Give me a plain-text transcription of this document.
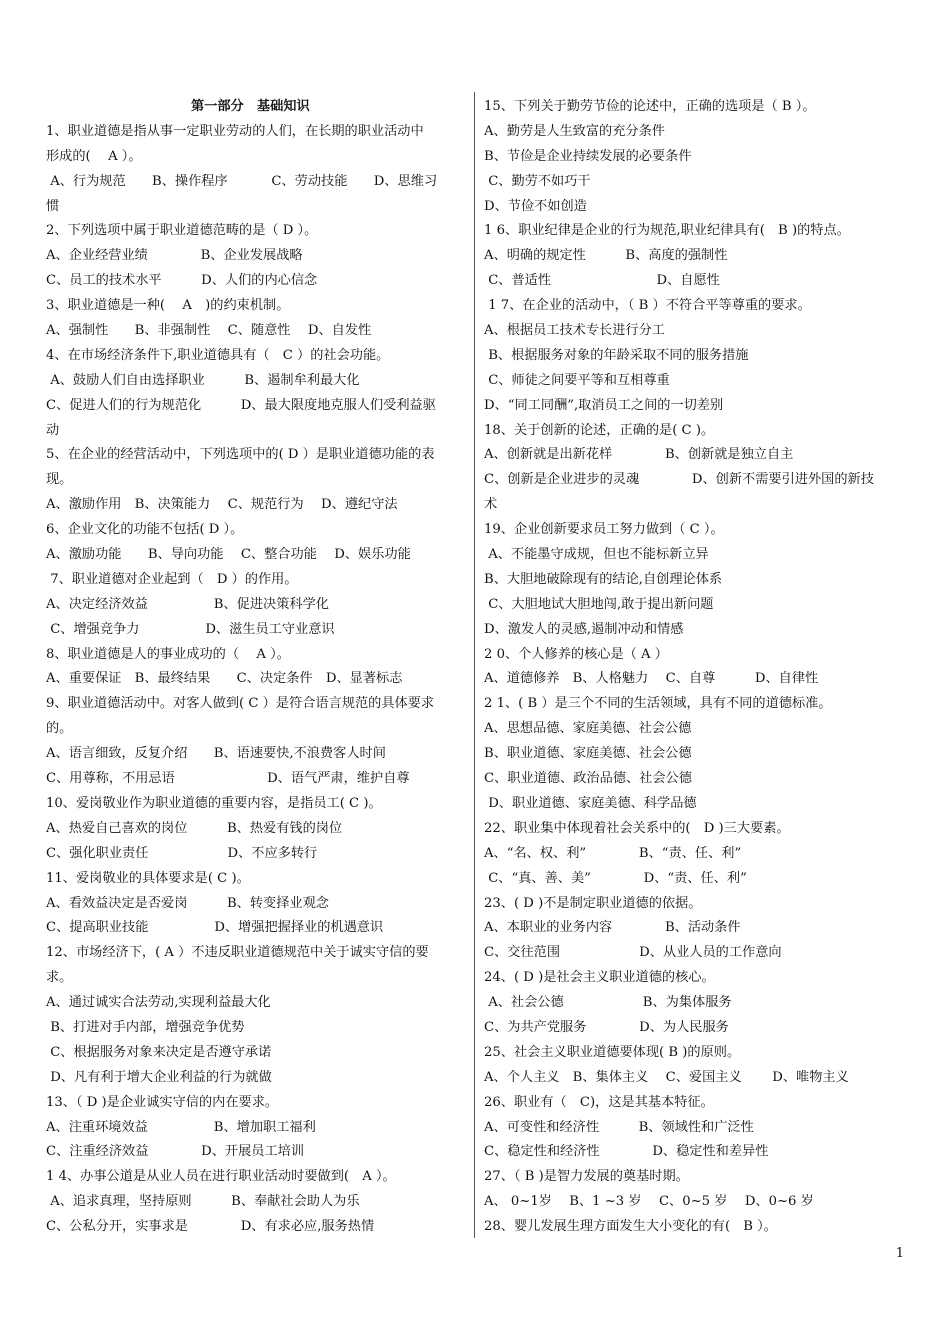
第一部分　基础知识
1、职业道德是指从事一定职业劳动的人们，在长期的职业活动中
形成的(　 A ）。
A、行为规范　　B、操作程序　　　 C、劳动技能　　D、思维习
惯
2、下列选项中属于职业道德范畴的是（ D ）。
A、企业经营业绩　　　　B、企业发展战略
C、员工的技术水平　　　D、人们的内心信念
3、职业道德是一种(　 A　)的约束机制。
A、强制性　　B、非强制性　 C、随意性　 D、自发性
4、在市场经济条件下,职业道德具有（　C ）的社会功能。
A、鼓励人们自由选择职业　　　B、遏制牟利最大化
C、促进人们的行为规范化　　　D、最大限度地克服人们受利益驱
动
5、在企业的经营活动中，下列选项中的( D ）是职业道德功能的表
现。
A、激励作用　B、决策能力　 C、规范行为　 D、遵纪守法
6、企业文化的功能不包括( D ）。
A、激励功能　　B、导向功能　 C、整合功能　 D、娱乐功能
7、职业道德对企业起到（　D ）的作用。
A、决定经济效益　　　　　B、促进决策科学化
C、增强竞争力　　　　　D、滋生员工守业意识
8、职业道德是人的事业成功的（　 A ）。
A、重要保证　B、最终结果　　C、决定条件　D、显著标志
9、职业道德活动中。对客人做到( C ）是符合语言规范的具体要求
的。
A、语言细致，反复介绍　　B、语速要快,不浪费客人时间
C、用尊称，不用忌语　　　　　　　D、语气严肃，维护自尊
10、爱岗敬业作为职业道德的重要内容，是指员工( C )。
A、热爱自己喜欢的岗位　　　B、热爱有钱的岗位
C、强化职业责任　　　　　　D、不应多转行
11、爱岗敬业的具体要求是( C )。
A、看效益决定是否爱岗　　　B、转变择业观念
C、提高职业技能　　　　　D、增强把握择业的机遇意识
12、市场经济下，( A ）不违反职业道德规范中关于诚实守信的要
求。
A、通过诚实合法劳动,实现利益最大化
B、打进对手内部，增强竞争优势
C、根据服务对象来决定是否遵守承诺
D、凡有利于增大企业利益的行为就做
13、（ D )是企业诚实守信的内在要求。
A、注重环境效益　　　　　B、增加职工福利
C、注重经济效益　　　　D、开展员工培训
1 4、办事公道是从业人员在进行职业活动时要做到(　A ）。
A、追求真理，坚持原则　　　B、奉献社会助人为乐
C、公私分开，实事求是　　　　D、有求必应,服务热情
15、下列关于勤劳节俭的论述中，正确的选项是（ B ）。
A、勤劳是人生致富的充分条件
B、节俭是企业持续发展的必要条件
C、勤劳不如巧干
D、节俭不如创造
1 6、职业纪律是企业的行为规范,职业纪律具有(　B )的特点。
A、明确的规定性　　　B、高度的强制性
C、普适性　　　　　　　　D、自愿性
1 7、在企业的活动中，（ B ）不符合平等尊重的要求。
A、根据员工技术专长进行分工
B、根据服务对象的年龄采取不同的服务措施
C、师徒之间要平等和互相尊重
D、“同工同酬”,取消员工之间的一切差别
18、关于创新的论述，正确的是( C )。
A、创新就是出新花样　　　　B、创新就是独立自主
C、创新是企业进步的灵魂　　　　D、创新不需要引进外国的新技
术
19、企业创新要求员工努力做到（ C ）。
A、不能墨守成规，但也不能标新立异
B、大胆地破除现有的结论,自创理论体系
C、大胆地试大胆地闯,敢于提出新问题
D、激发人的灵感,遏制冲动和情感
2 0、个人修养的核心是（ A ）
A、道德修养　B、人格魅力　 C、自尊　　　D、自律性
2 1、( B ）是三个不同的生活领域，具有不同的道德标准。
A、思想品德、家庭美德、社会公德
B、职业道德、家庭美德、社会公德
C、职业道德、政治品德、社会公德
D、职业道德、家庭美德、科学品德
22、职业集中体现着社会关系中的(　D )三大要素。
A、“名、权、利”　　　　B、“责、任、利”
C、“真、善、美”　　　　D、“责、任、利”
23、( D )不是制定职业道德的依据。
A、本职业的业务内容　　　　B、活动条件
C、交往范围　　　　　　D、从业人员的工作意向
24、( D )是社会主义职业道德的核心。
A、社会公德　　　　　　B、为集体服务
C、为共产党服务　　　　D、为人民服务
25、社会主义职业道德要体现( B )的原则。
A、个人主义　B、集体主义　 C、爱国主义　　 D、唯物主义
26、职业有（　C)，这是其基本特征。
A、可变性和经济性　　　B、领域性和广泛性
C、稳定性和经济性　　　　D、稳定性和差异性
27、（ B )是智力发展的奠基时期。
A、 0~1岁　 B、1 ~3 岁　 C、0~5 岁　 D、0~6 岁
28、婴儿发展生理方面发生大小变化的有(　B ）。
1
